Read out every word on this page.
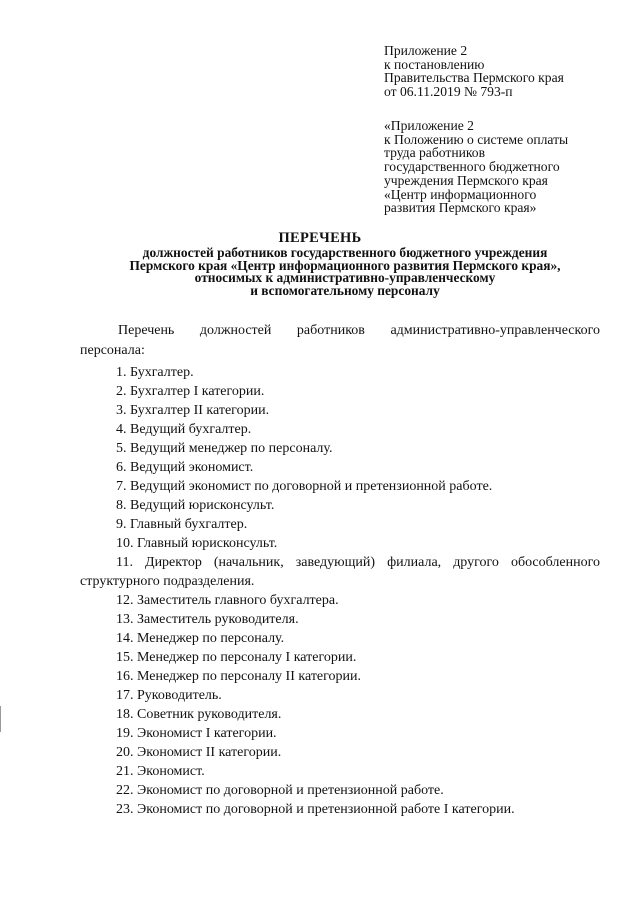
Приложение 2
к постановлению
Правительства Пермского края
от 06.11.2019 № 793-п
«Приложение 2
к Положению о системе оплаты
труда работников
государственного бюджетного
учреждения Пермского края
«Центр информационного
развития Пермского края»
ПЕРЕЧЕНЬ
должностей работников государственного бюджетного учреждения
Пермского края «Центр информационного развития Пермского края»,
относимых к административно-управленческому
и вспомогательному персоналу
Перечень должностей работников административно-управленческого
персонала:
1. Бухгалтер.
2. Бухгалтер I категории.
3. Бухгалтер II категории.
4. Ведущий бухгалтер.
5. Ведущий менеджер по персоналу.
6. Ведущий экономист.
7. Ведущий экономист по договорной и претензионной работе.
8. Ведущий юрисконсульт.
9. Главный бухгалтер.
10. Главный юрисконсульт.
11. Директор (начальник, заведующий) филиала, другого обособленного
структурного подразделения.
12. Заместитель главного бухгалтера.
13. Заместитель руководителя.
14. Менеджер по персоналу.
15. Менеджер по персоналу I категории.
16. Менеджер по персоналу II категории.
17. Руководитель.
18. Советник руководителя.
19. Экономист I категории.
20. Экономист II категории.
21. Экономист.
22. Экономист по договорной и претензионной работе.
23. Экономист по договорной и претензионной работе I категории.
